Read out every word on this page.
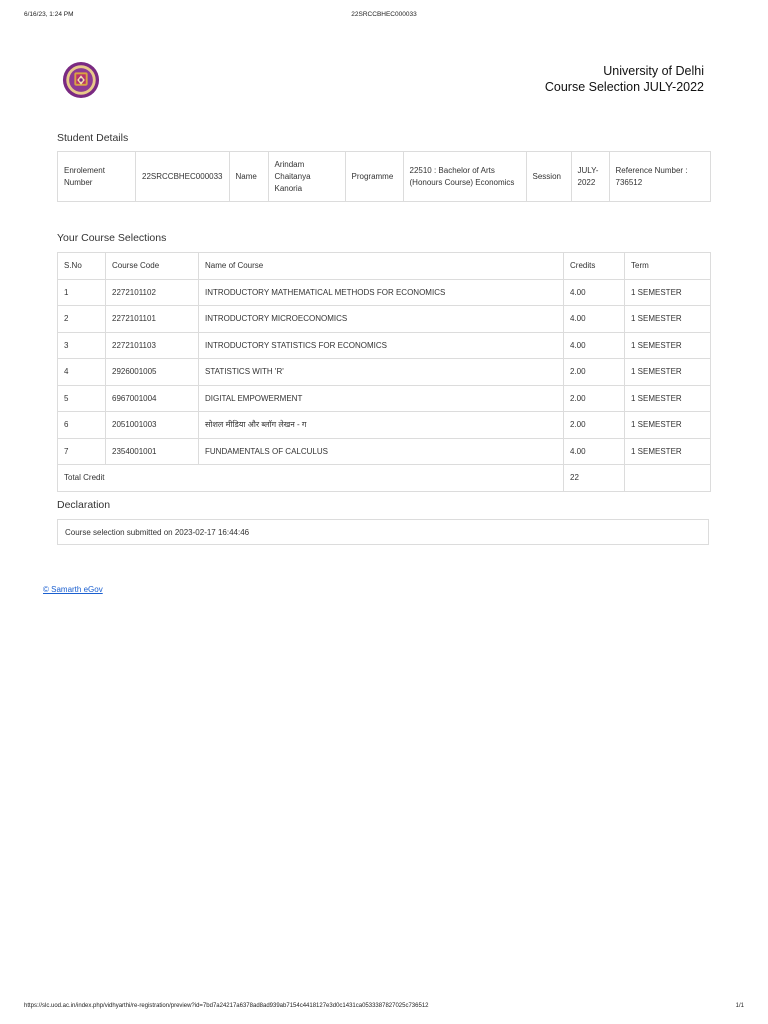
6/16/23, 1:24 PM	22SRCCBHEC000033
University of Delhi
Course Selection JULY-2022
Student Details
Enrolement Number	22SRCCBHEC000033	Name	Arindam Chaitanya Kanoria	Programme	22510 : Bachelor of Arts (Honours Course) Economics	Session	JULY-2022	Reference Number : 736512
Your Course Selections
S.No	Course Code	Name of Course	Credits	Term
1	2272101102	INTRODUCTORY MATHEMATICAL METHODS FOR ECONOMICS	4.00	1 SEMESTER
2	2272101101	INTRODUCTORY MICROECONOMICS	4.00	1 SEMESTER
3	2272101103	INTRODUCTORY STATISTICS FOR ECONOMICS	4.00	1 SEMESTER
4	2926001005	STATISTICS WITH 'R'	2.00	1 SEMESTER
5	6967001004	DIGITAL EMPOWERMENT	2.00	1 SEMESTER
6	2051001003	सोशल मीडिया और ब्लॉग लेखन - ग	2.00	1 SEMESTER
7	2354001001	FUNDAMENTALS OF CALCULUS	4.00	1 SEMESTER
Total Credit			22	
Declaration
Course selection submitted on 2023-02-17 16:44:46
© Samarth eGov
https://slc.uod.ac.in/index.php/vidhyarthi/re-registration/preview?id=7bd7a24217a6378ad8ad939ab7154c4418127e3d0c1431ca0533387827025c736512	1/1
